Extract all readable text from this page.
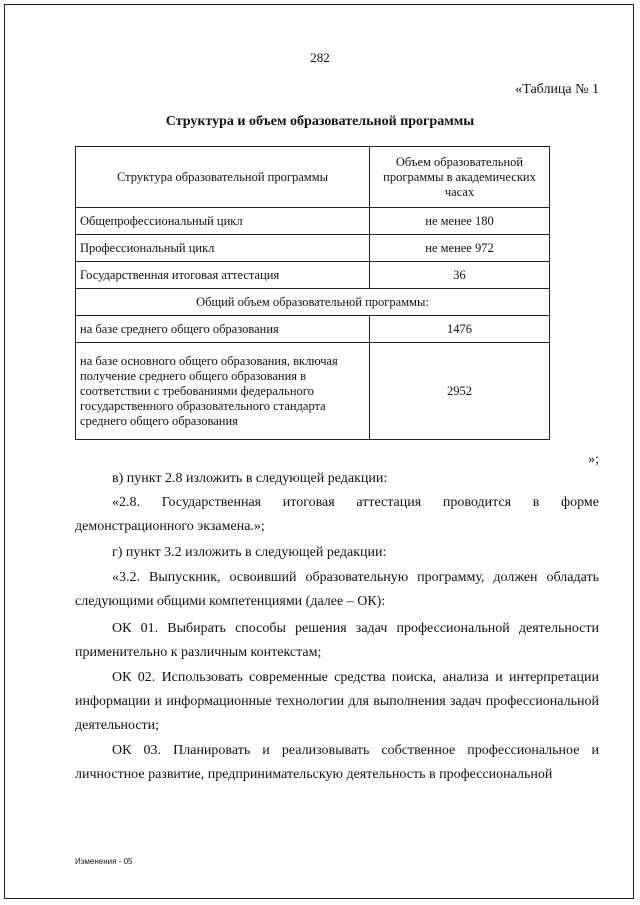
282
«Таблица № 1
Структура и объем образовательной программы
Структура образовательной программы	Объем образовательной программы в академических часах
Общепрофессиональный цикл	не менее 180
Профессиональный цикл	не менее 972
Государственная итоговая аттестация	36
Общий объем образовательной программы:	
на базе среднего общего образования	1476
на базе основного общего образования, включая получение среднего общего образования в соответствии с требованиями федерального государственного образовательного стандарта среднего общего образования	2952
»;
в) пункт 2.8 изложить в следующей редакции:
«2.8. Государственная итоговая аттестация проводится в форме демонстрационного экзамена.»;
г) пункт 3.2 изложить в следующей редакции:
«3.2. Выпускник, освоивший образовательную программу, должен обладать следующими общими компетенциями (далее – ОК):
ОК 01. Выбирать способы решения задач профессиональной деятельности применительно к различным контекстам;
ОК 02. Использовать современные средства поиска, анализа и интерпретации информации и информационные технологии для выполнения задач профессиональной деятельности;
ОК 03. Планировать и реализовывать собственное профессиональное и личностное развитие, предпринимательскую деятельность в профессиональной
Изменения - 05
